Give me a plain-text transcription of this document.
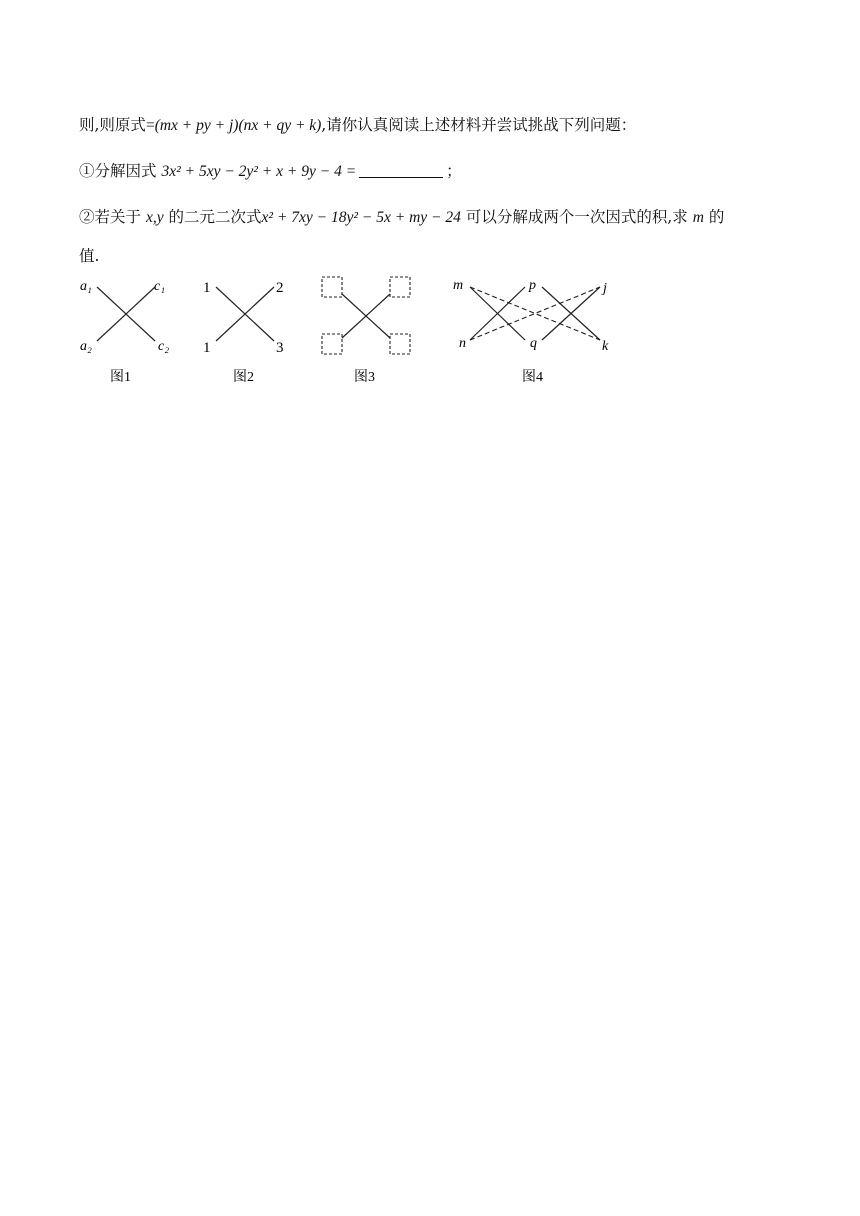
则,则原式=(mx + py + j)(nx + qy + k),请你认真阅读上述材料并尝试挑战下列问题：
①分解因式 3x² + 5xy − 2y² + x + 9y − 4 =	；
②若关于 x,y 的二元二次式x² + 7xy − 18y² − 5x + my − 24 可以分解成两个一次因式的积,求 m 的
值.
a₁	c₁
a₂	c₂
图1
1	2
1	3
图2	图3
m	p	j
n	q	k
图4
